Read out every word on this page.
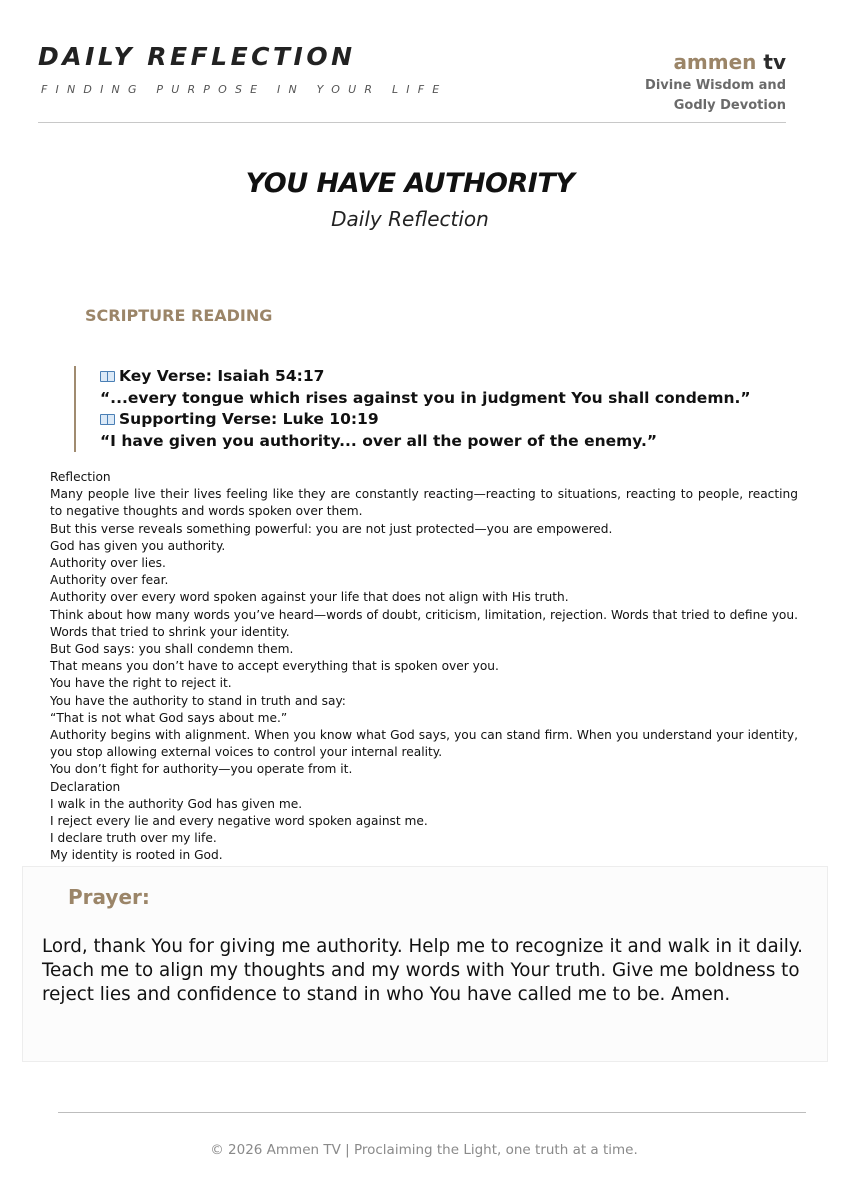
DAILY REFLECTION
FINDING PURPOSE IN YOUR LIFE
ammen tv
Divine Wisdom and
Godly Devotion
YOU HAVE AUTHORITY
Daily Reflection
SCRIPTURE READING
Key Verse: Isaiah 54:17
“...every tongue which rises against you in judgment You shall condemn.”
Supporting Verse: Luke 10:19
“I have given you authority... over all the power of the enemy.”

Reflection

Many people live their lives feeling like they are constantly reacting—reacting to situations, reacting to people, reacting to negative thoughts and words spoken over them.

But this verse reveals something powerful: you are not just protected—you are empowered.

God has given you authority.

Authority over lies.

Authority over fear.

Authority over every word spoken against your life that does not align with His truth.

Think about how many words you’ve heard—words of doubt, criticism, limitation, rejection. Words that tried to define you. Words that tried to shrink your identity.

But God says: you shall condemn them.

That means you don’t have to accept everything that is spoken over you.

You have the right to reject it.

You have the authority to stand in truth and say:

“That is not what God says about me.”

Authority begins with alignment. When you know what God says, you can stand firm. When you understand your identity, you stop allowing external voices to control your internal reality.

You don’t fight for authority—you operate from it.

Declaration

I walk in the authority God has given me.

I reject every lie and every negative word spoken against me.

I declare truth over my life.

My identity is rooted in God.

Prayer:
Lord, thank You for giving me authority. Help me to recognize it and walk in it daily. Teach me to align my thoughts and my words with Your truth. Give me boldness to reject lies and confidence to stand in who You have called me to be. Amen.
© 2026 Ammen TV | Proclaiming the Light, one truth at a time.
